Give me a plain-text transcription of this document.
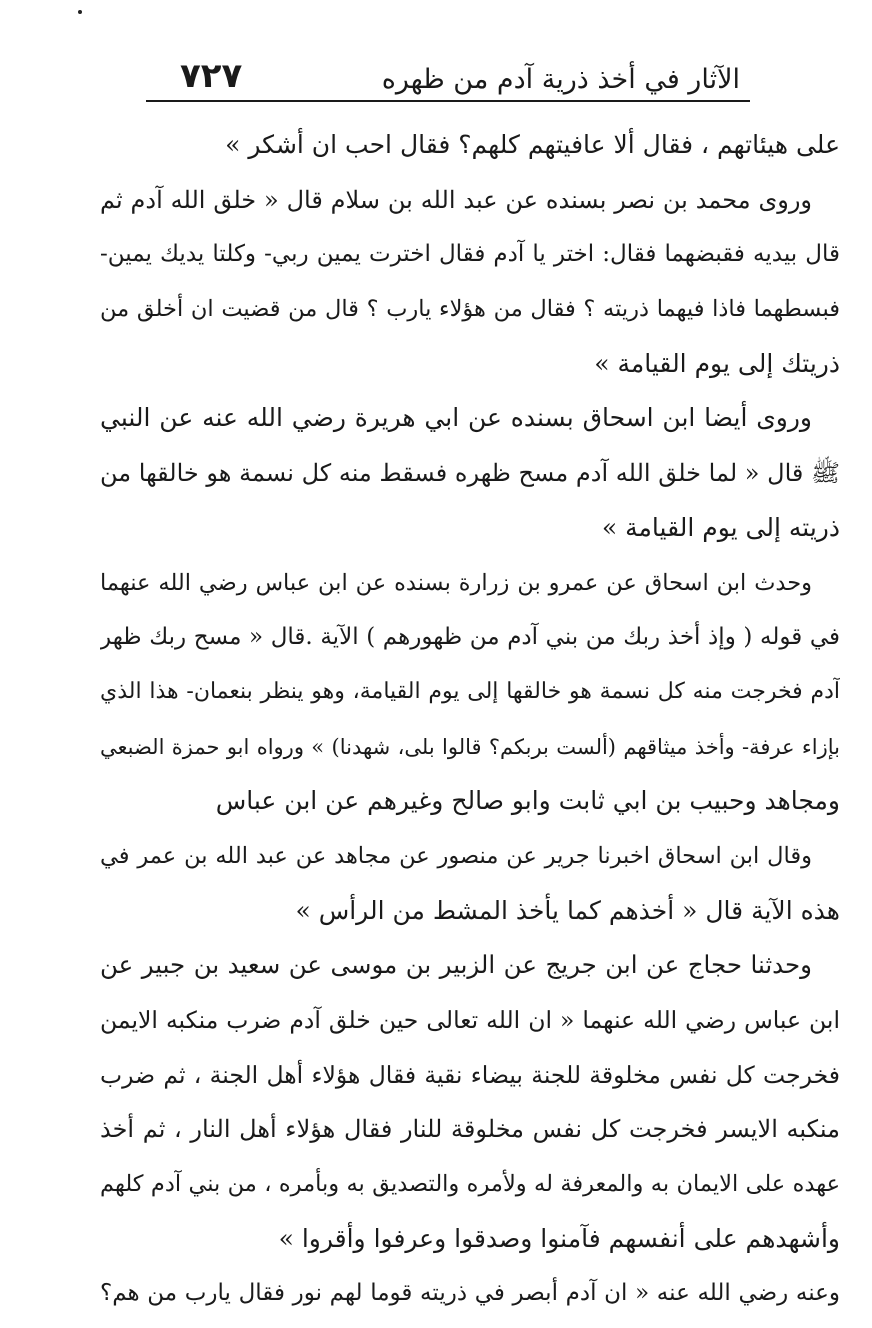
٧٢٧	الآثار في أخذ ذرية آدم من ظهره
على هيئاتهم ، فقال ألا عافيتهم كلهم؟ فقال احب ان أشكر »
وروى محمد بن نصر بسنده عن عبد الله بن سلام قال « خلق الله آدم ثم
قال بيديه فقبضهما فقال: اختر يا آدم فقال اخترت يمين ربي- وكلتا يديك يمين-
فبسطهما فاذا فيهما ذريته ؟ فقال من هؤلاء يارب ؟ قال من قضيت ان أخلق من
ذريتك إلى يوم القيامة »
وروى أيضا ابن اسحاق بسنده عن ابي هريرة رضي الله عنه عن النبي
ﷺ قال « لما خلق الله آدم مسح ظهره فسقط منه كل نسمة هو خالقها من
ذريته إلى يوم القيامة »
وحدث ابن اسحاق عن عمرو بن زرارة بسنده عن ابن عباس رضي الله عنهما
في قوله ( وإذ أخذ ربك من بني آدم من ظهورهم ) الآية .قال « مسح ربك ظهر
آدم فخرجت منه كل نسمة هو خالقها إلى يوم القيامة، وهو ينظر بنعمان- هذا الذي
بإزاء عرفة- وأخذ ميثاقهم (ألست بربكم؟ قالوا بلى، شهدنا) » ورواه ابو حمزة الضبعي
ومجاهد وحبيب بن ابي ثابت وابو صالح وغيرهم عن ابن عباس
وقال ابن اسحاق اخبرنا جرير عن منصور عن مجاهد عن عبد الله بن عمر في
هذه الآية قال « أخذهم كما يأخذ المشط من الرأس »
وحدثنا حجاج عن ابن جريج عن الزبير بن موسى عن سعيد بن جبير عن
ابن عباس رضي الله عنهما « ان الله تعالى حين خلق آدم ضرب منكبه الايمن
فخرجت كل نفس مخلوقة للجنة بيضاء نقية فقال هؤلاء أهل الجنة ، ثم ضرب
منكبه الايسر فخرجت كل نفس مخلوقة للنار فقال هؤلاء أهل النار ، ثم أخذ
عهده على الايمان به والمعرفة له ولأمره والتصديق به وبأمره ، من بني آدم كلهم
وأشهدهم على أنفسهم فآمنوا وصدقوا وعرفوا وأقروا »
وعنه رضي الله عنه « ان آدم أبصر في ذريته قوما لهم نور فقال يارب من هم؟
